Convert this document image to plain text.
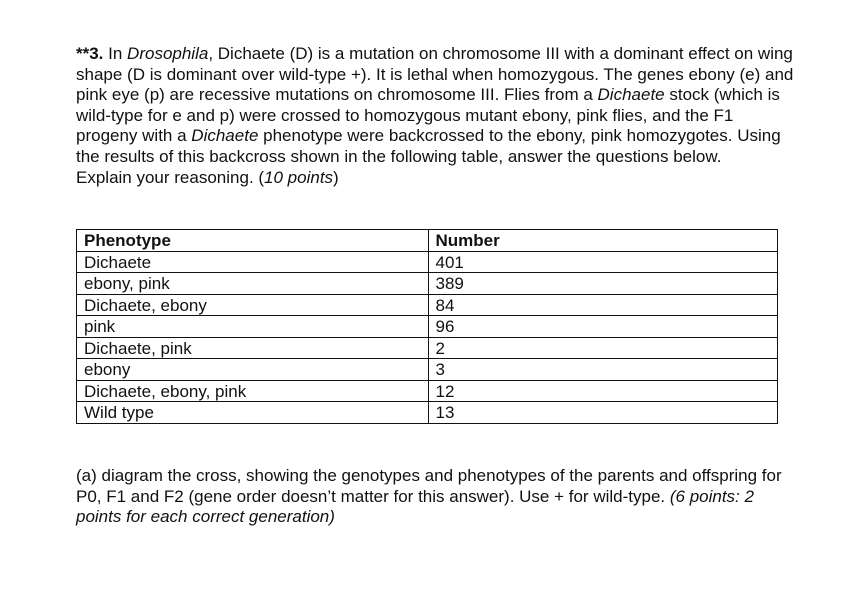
**3. In Drosophila, Dichaete (D) is a mutation on chromosome III with a dominant effect on wing shape (D is dominant over wild-type +). It is lethal when homozygous. The genes ebony (e) and pink eye (p) are recessive mutations on chromosome III. Flies from a Dichaete stock (which is wild-type for e and p) were crossed to homozygous mutant ebony, pink flies, and the F1 progeny with a Dichaete phenotype were backcrossed to the ebony, pink homozygotes. Using the results of this backcross shown in the following table, answer the questions below.

Explain your reasoning. (10 points)

Phenotype	Number
Dichaete	401
ebony, pink	389
Dichaete, ebony	84
pink	96
Dichaete, pink	2
ebony	3
Dichaete, ebony, pink	12
Wild type	13

(a) diagram the cross, showing the genotypes and phenotypes of the parents and offspring for P0, F1 and F2 (gene order doesn’t matter for this answer). Use + for wild-type. (6 points: 2 points for each correct generation)
